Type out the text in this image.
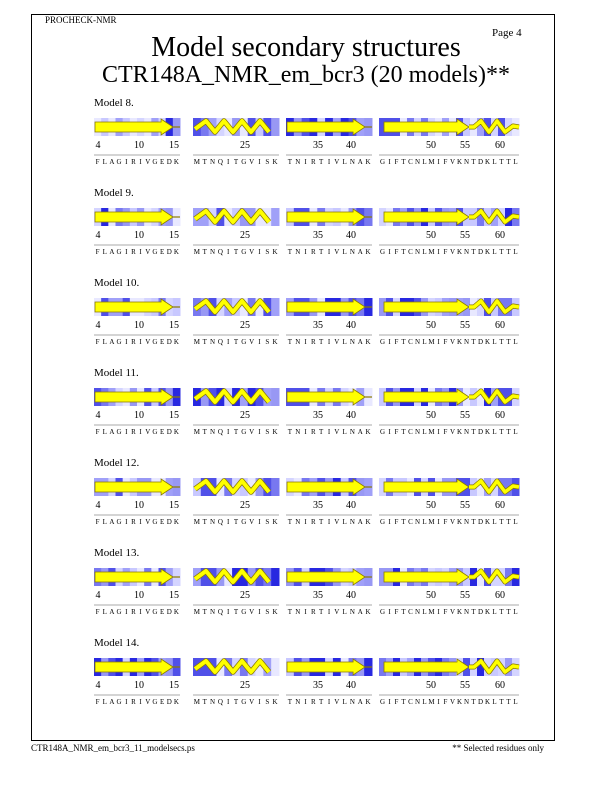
PROCHECK-NMR
Page 4
Model secondary structures
CTR148A_NMR_em_bcr3 (20 models)**
Model 8.
4	10	15
F L A G I R I V G E D K
25
M T N Q I T G V I S K
35 40
T N I R T I V L N A K
50 55	60
G I F T C N L M I F V K N T D K L T T L
Model 9.
4	10	15
F L A G I R I V G E D K
25
M T N Q I T G V I S K
35 40
T N I R T I V L N A K
50 55	60
G I F T C N L M I F V K N T D K L T T L
Model 10.
4	10	15
F L A G I R I V G E D K
25
M T N Q I T G V I S K
35 40
T N I R T I V L N A K
50 55	60
G I F T C N L M I F V K N T D K L T T L
Model 11.
4	10	15
F L A G I R I V G E D K
25
M T N Q I T G V I S K
35 40
T N I R T I V L N A K
50 55	60
G I F T C N L M I F V K N T D K L T T L
Model 12.
4	10	15
F L A G I R I V G E D K
25
M T N Q I T G V I S K
35 40
T N I R T I V L N A K
50 55	60
G I F T C N L M I F V K N T D K L T T L
Model 13.
4	10	15
F L A G I R I V G E D K
25
M T N Q I T G V I S K
35 40
T N I R T I V L N A K
50 55	60
G I F T C N L M I F V K N T D K L T T L
Model 14.
4	10	15
F L A G I R I V G E D K
25
M T N Q I T G V I S K
35 40
T N I R T I V L N A K
50 55	60
G I F T C N L M I F V K N T D K L T T L
CTR148A_NMR_em_bcr3_11_modelsecs.ps	** Selected residues only
